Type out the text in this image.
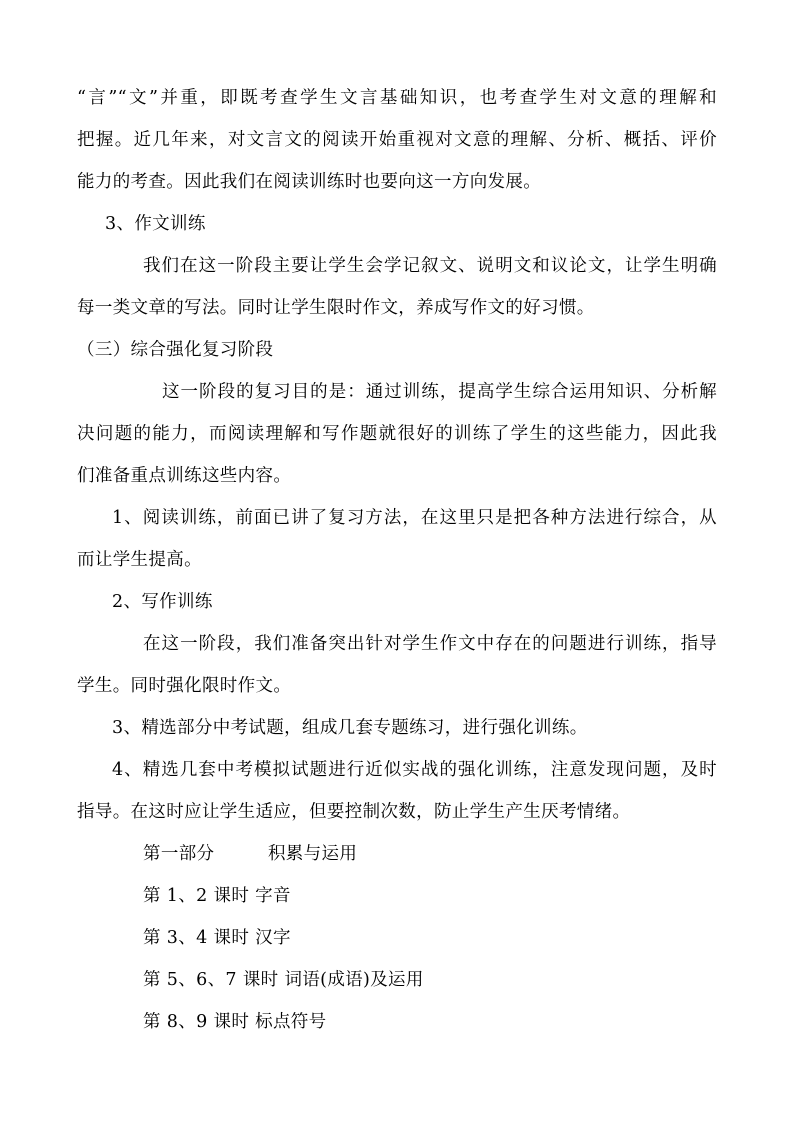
“言”“文”并重，即既考查学生文言基础知识，也考查学生对文意的理解和
把握。近几年来，对文言文的阅读开始重视对文意的理解、分析、概括、评价
能力的考查。因此我们在阅读训练时也要向这一方向发展。
3、作文训练
我们在这一阶段主要让学生会学记叙文、说明文和议论文，让学生明确
每一类文章的写法。同时让学生限时作文，养成写作文的好习惯。
（三）综合强化复习阶段
这一阶段的复习目的是：通过训练，提高学生综合运用知识、分析解
决问题的能力，而阅读理解和写作题就很好的训练了学生的这些能力，因此我
们准备重点训练这些内容。
1、阅读训练，前面已讲了复习方法，在这里只是把各种方法进行综合，从
而让学生提高。
2、写作训练
在这一阶段，我们准备突出针对学生作文中存在的问题进行训练，指导
学生。同时强化限时作文。
3、精选部分中考试题，组成几套专题练习，进行强化训练。
4、精选几套中考模拟试题进行近似实战的强化训练，注意发现问题，及时
指导。在这时应让学生适应，但要控制次数，防止学生产生厌考情绪。
第一部分　　　积累与运用
第 1、2 课时 字音
第 3、4 课时 汉字
第 5、6、7 课时 词语(成语)及运用
第 8、9 课时 标点符号
